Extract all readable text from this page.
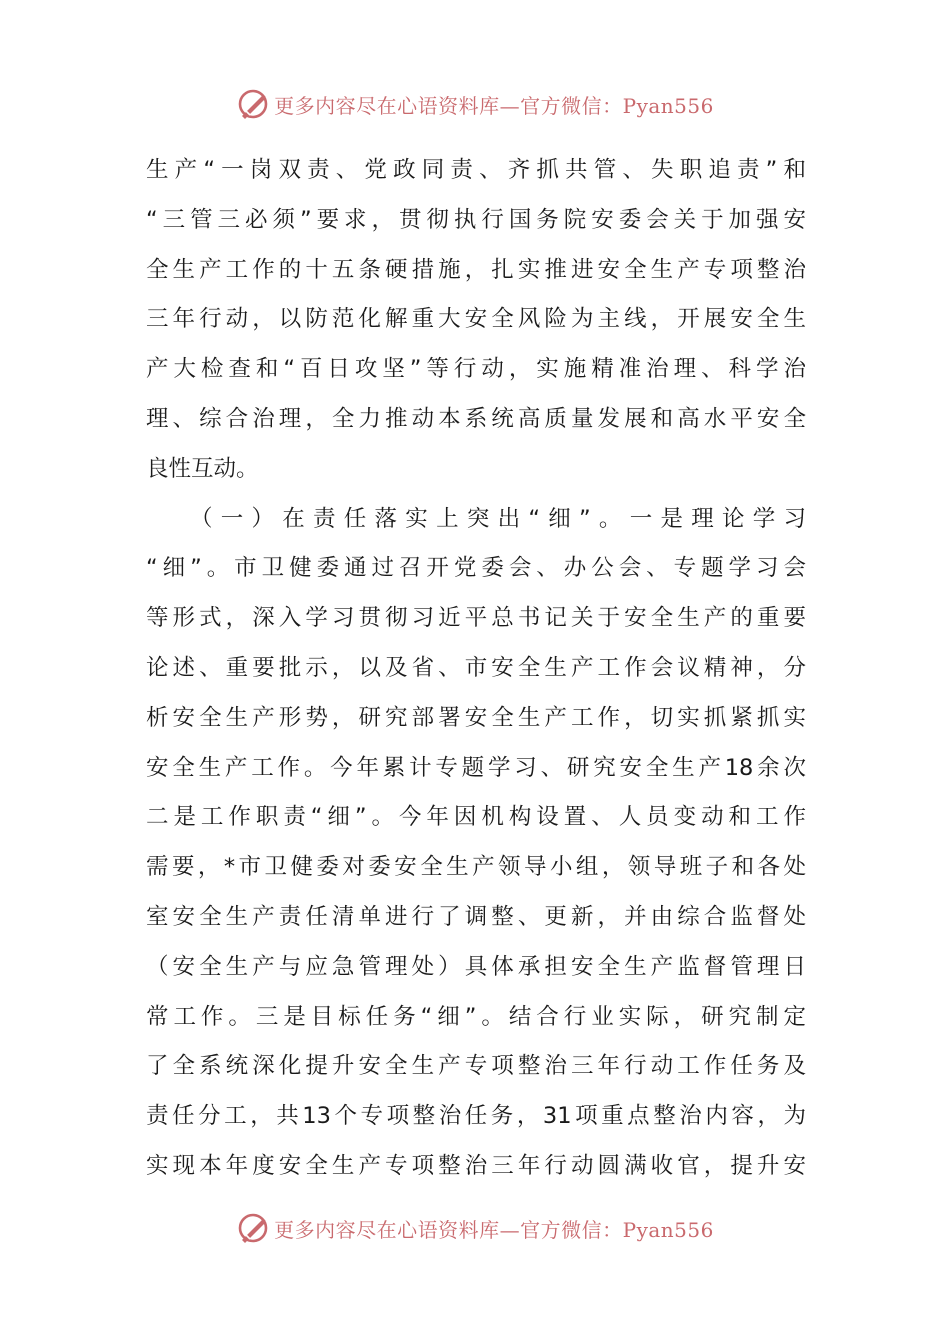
更多内容尽在心语资料库—官方微信：Pyan556
生产“一岗双责、党政同责、齐抓共管、失职追责”和
“三管三必须”要求，贯彻执行国务院安委会关于加强安
全生产工作的十五条硬措施，扎实推进安全生产专项整治
三年行动，以防范化解重大安全风险为主线，开展安全生
产大检查和“百日攻坚”等行动，实施精准治理、科学治
理、综合治理，全力推动本系统高质量发展和高水平安全
良性互动。
（一）在责任落实上突出“细”。一是理论学习
“细”。市卫健委通过召开党委会、办公会、专题学习会
等形式，深入学习贯彻习近平总书记关于安全生产的重要
论述、重要批示，以及省、市安全生产工作会议精神，分
析安全生产形势，研究部署安全生产工作，切实抓紧抓实
安全生产工作。今年累计专题学习、研究安全生产18余次
二是工作职责“细”。今年因机构设置、人员变动和工作
需要，*市卫健委对委安全生产领导小组，领导班子和各处
室安全生产责任清单进行了调整、更新，并由综合监督处
（安全生产与应急管理处）具体承担安全生产监督管理日
常工作。三是目标任务“细”。结合行业实际，研究制定
了全系统深化提升安全生产专项整治三年行动工作任务及
责任分工，共13个专项整治任务，31项重点整治内容，为
实现本年度安全生产专项整治三年行动圆满收官，提升安
更多内容尽在心语资料库—官方微信：Pyan556
